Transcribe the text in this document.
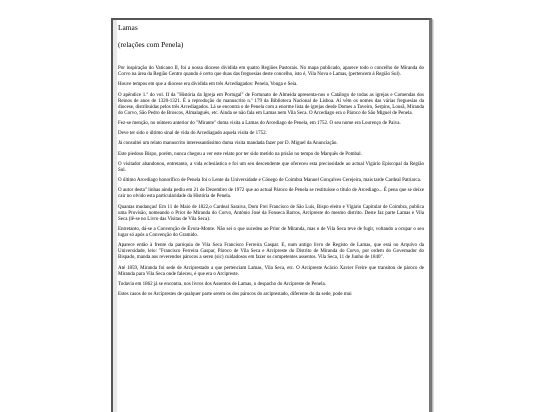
Lamas

(relações com Penela)

Por inspiração do Vaticano II, foi a nossa diocese dividida em quatro Regiões Pastorais. No mapa publicado, aparece todo o concelho de Miranda do Corvo na área da Região Centro quando é certo que duas das freguesias deste concelho, isto é, Vila Nova e Lamas, (pertencem à Região Sul).

Houve tempos em que a diocese era dividida em três Arcediagados: Penela, Vouga e Seia.

O apêndice 1.º do vol. II da "História da Igreja em Portugal" de Fortunato de Almeida apresenta-nos o Catálogo de todas as igrejas e Comendas dos Reinos de anos de 1320-1321. É a reprodução do manuscrito n.º 179 da Biblioteca Nacional de Lisboa. Aí vêm os nomes das várias freguesias da diocese, distribuídas pelos três Arcediagados. Lá se encontra o de Penela com a enorme lista de igrejas desde Domes a Taveiro, Serpins, Lousã, Miranda do Corvo, São Pedro de Broscos, Almalaguês, etc. Ainda se não fala em Lamas nem Vila Seca. O Arcediago era o Pároco de São Miguel de Penela.

Fez-se menção, no número anterior do "Mirante" duma visita a Lamas do Arcediago de Penela, em 1752. O seu nome era Lourenço de Paiva.

Deve ter sido o último sinal de vida do Arcediagado aquela visita de 1752.

Já consultei um relato manuscrito interessantíssimo duma visita mandada fazer por D. Miguel da Anunciação.

Este piedoso Bispo, porém, nunca chegou a ver este relato por ter sido metido na prisão no tempo do Marquês de Pombal.

O visitador abandonou, entretanto, a vida eclesiástica e foi um seu descendente que ofereceu esta preciosidade ao actual Vigário Episcopal da Região Sul.

O último Arcediago honorífico de Penela foi o Lente da Universidade e Cónego de Coimbra Manuel Gonçalves Cerejeira, mais tarde Cardeal Patriarca.

O autor desta" linhas ainda pediu em 21 de Dezembro de 1972 que ao actual Pároco de Penela se restituísse o título de Arcediago... É pena que se deixe cair no olvido esta particularidade da História de Penela.

Quantas mudanças! Em 11 de Maio de 1822,o Cardeal Saraiva, Dom Frei Francisco de São Luís, Bispo eleito e Vigário Capitular de Coimbra, publica uma Provisão, nomeando o Prior de Miranda do Corvo, António José da Fonseca Barros, Arcipreste do mesmo distrito. Deste faz parte Lamas e Vila Seca (lê-se no Livro das Visitas de Vila Seca).

Entretanto, dá-se a Convenção de Évora-Monte. Não sei o que sucedeu ao Prior de Miranda, mas o de Vila Seca teve de fugir, voltando a ocupar o seu lugar só após a Convenção do Gramido.

Aparece então à frente da paróquia de Vila Seca Francisco Ferreira Gaspar. E, num antigo livro de Registo de Lamas, que está no Arquivo da Universidade, leio: "Francisco Ferreira Gaspar, Pároco de Vila Seca e Arcipreste do Distrito de Miranda do Corvo, por ordem do Governador do Bispado, manda aos reverendos párocos a seren (sic) cuidadosos em fazer os competentes assentos. Vila Seca, 11 de Junho de 1840".

Até 1859, Miranda foi sede de Arciprestado a que pertenciam Lamas, Vila Seca, etc. O Arcipreste Acácio Xavier Freire que transitou de pároco de Miranda para Vila Seca onde faleceu, é que era o Arcipreste.

Todavia em 1862 já se encontra, nos livros dos Assentos de Lamas, o despacho do Arcipreste de Penela.

Estes casos de os Arciprestes de qualquer parte serem os dos párocos do arciprestado, diferente do da sede, pode mui
